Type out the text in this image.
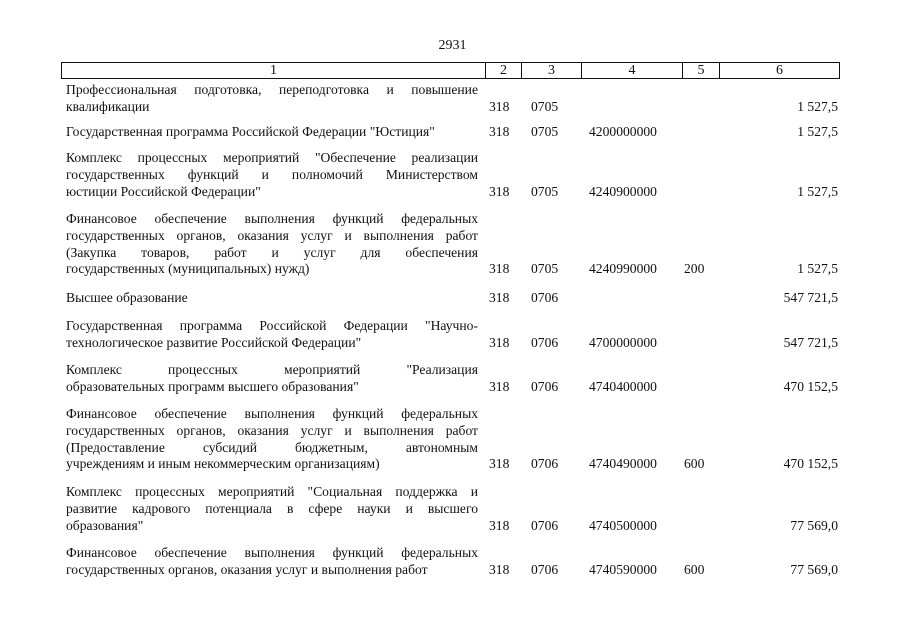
2931
1	2	3	4	5	6
Профессиональная подготовка, переподготовка и повышение
квалификации	318 0705	1 527,5
Государственная программа Российской Федерации "Юстиция"	318 0705 4200000000	1 527,5
Комплекс процессных мероприятий "Обеспечение реализации
государственных функций и полномочий Министерством
юстиции Российской Федерации"	318 0705 4240900000	1 527,5
Финансовое обеспечение выполнения функций федеральных
государственных органов, оказания услуг и выполнения работ
(Закупка товаров, работ и услуг для обеспечения
государственных (муниципальных) нужд)	318 0705 4240990000 200	1 527,5
Высшее образование	318 0706	547 721,5
Государственная программа Российской Федерации "Научно-
технологическое развитие Российской Федерации"	318 0706 4700000000	547 721,5
Комплекс процессных мероприятий "Реализация
образовательных программ высшего образования"	318 0706 4740400000	470 152,5
Финансовое обеспечение выполнения функций федеральных
государственных органов, оказания услуг и выполнения работ
(Предоставление субсидий бюджетным, автономным
учреждениям и иным некоммерческим организациям)	318 0706 4740490000 600	470 152,5
Комплекс процессных мероприятий "Социальная поддержка и
развитие кадрового потенциала в сфере науки и высшего
образования"	318 0706 4740500000	77 569,0
Финансовое обеспечение выполнения функций федеральных
государственных органов, оказания услуг и выполнения работ	318 0706 4740590000 600	77 569,0
